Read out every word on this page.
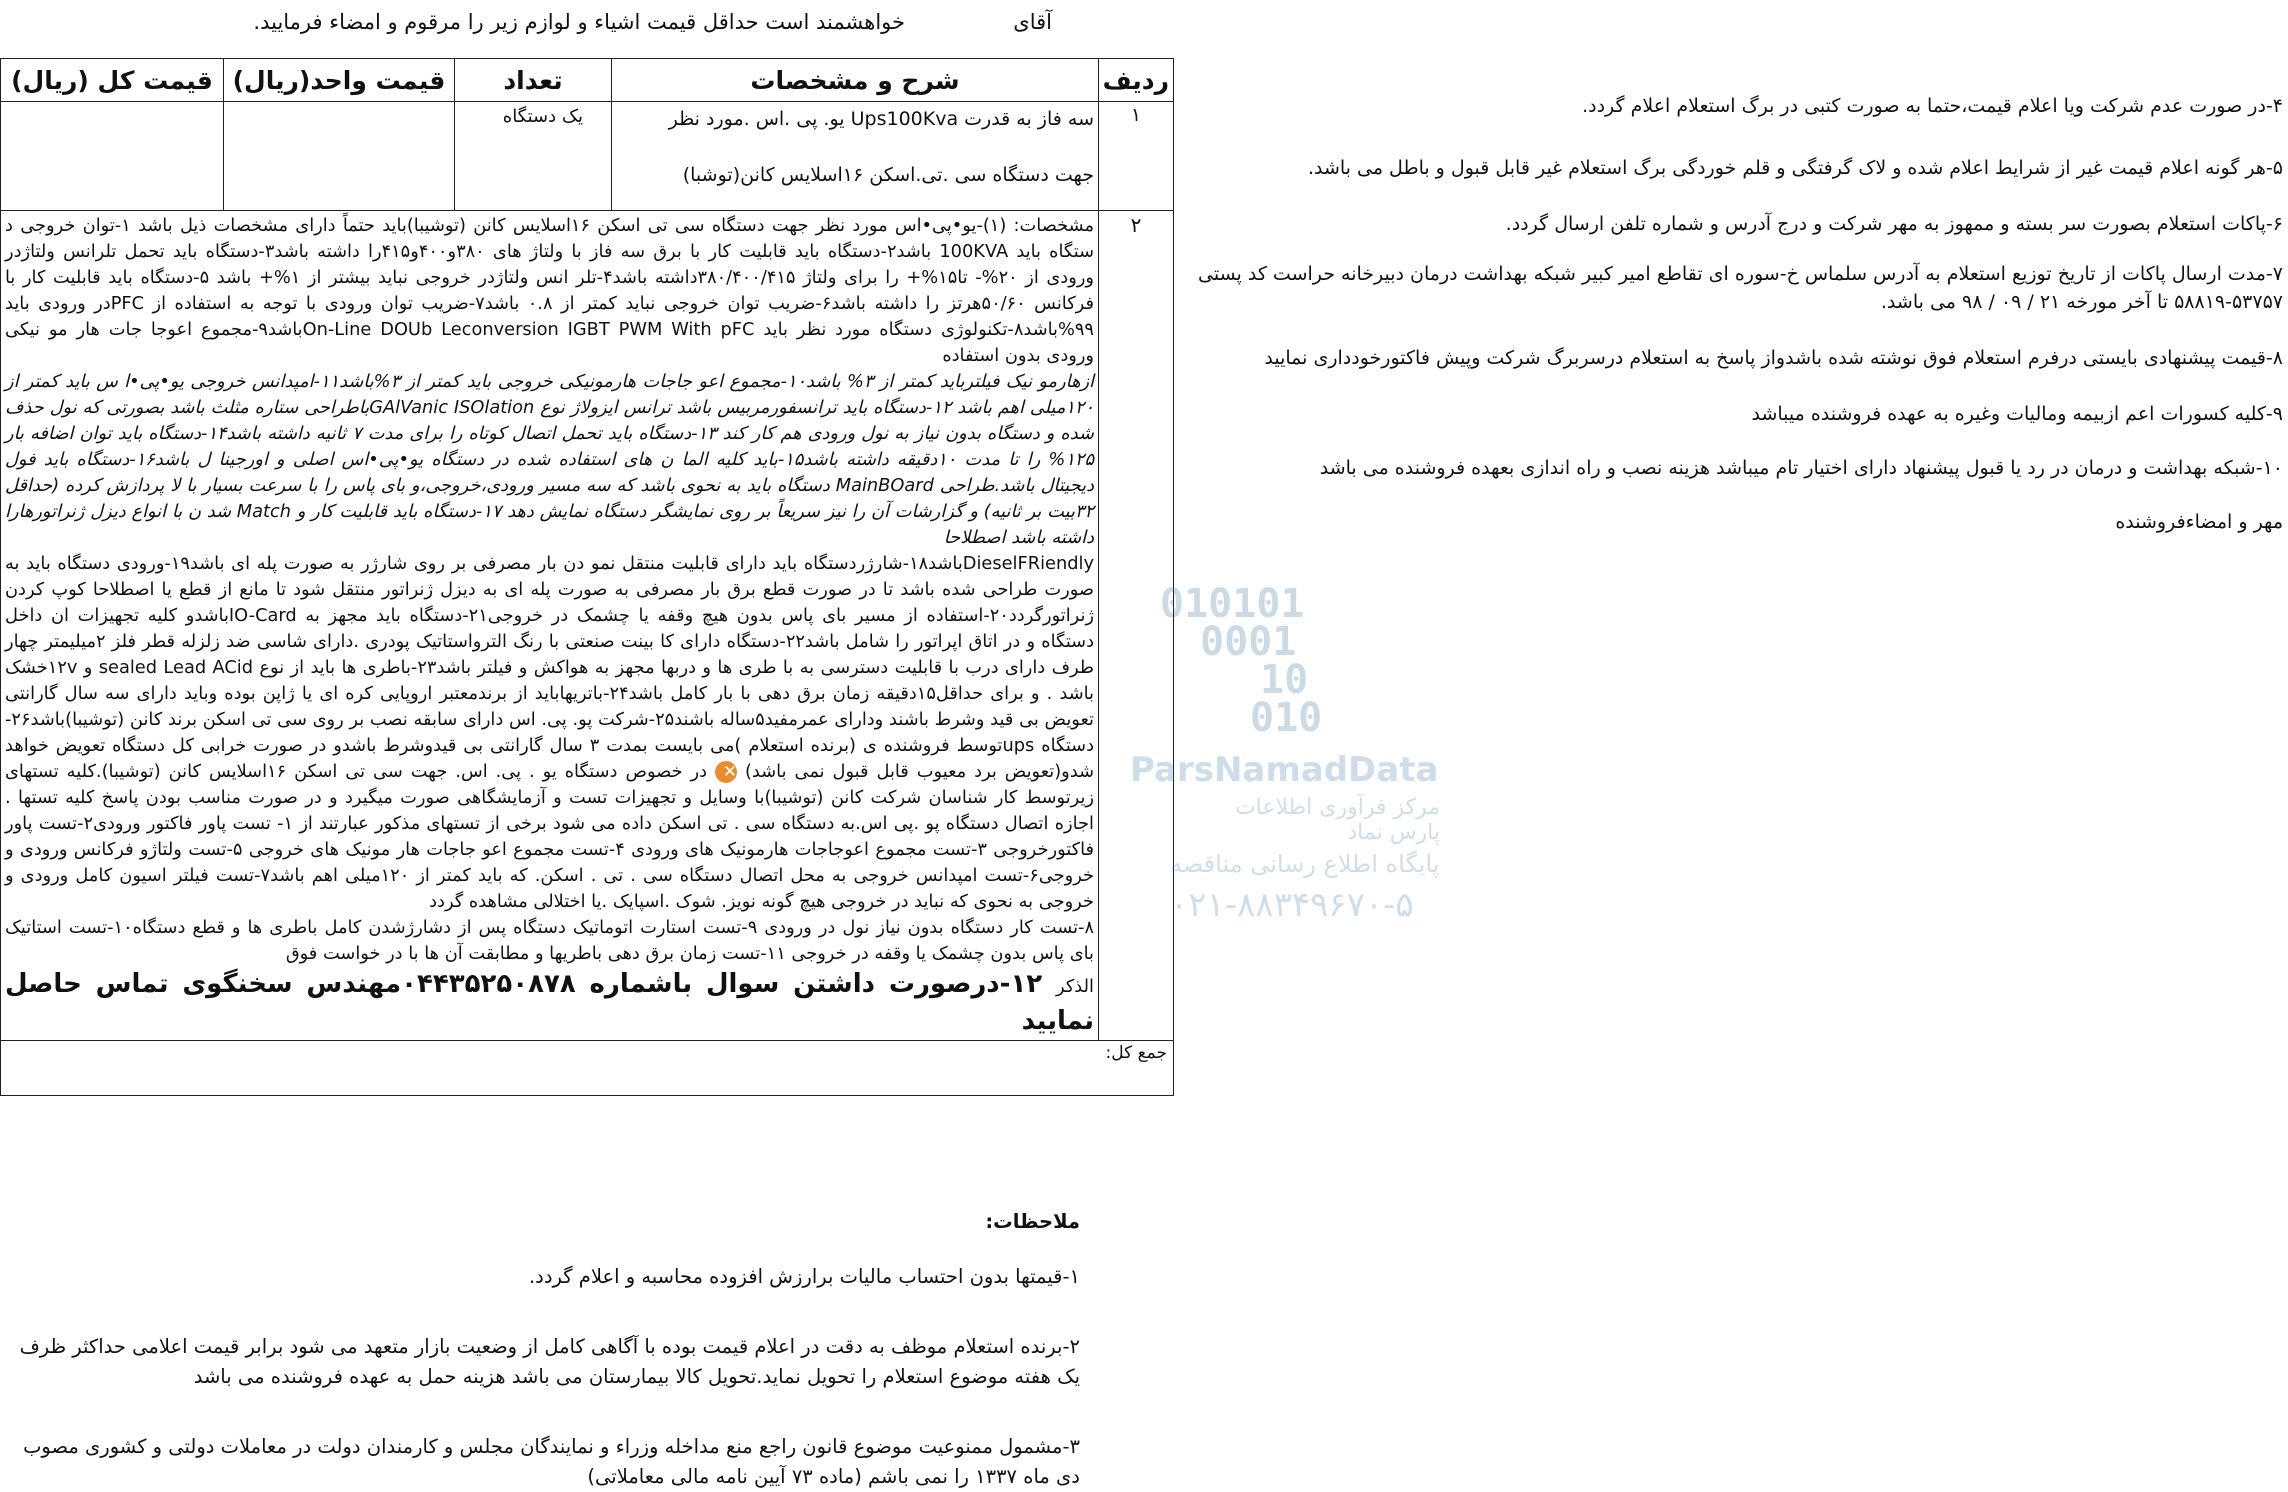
آقای
خواهشمند است حداقل قیمت اشیاء و لوازم زیر را مرقوم و امضاء فرمایید.
ردیف	شرح و مشخصات	تعداد	قیمت واحد(ریال)	قیمت کل (ریال)
۱	سه فاز به قدرت Ups100Kva یو. پی .اس .مورد نظر
جهت دستگاه سی .تی.اسکن ۱۶اسلایس کانن(توشبا)	یک دستگاه		

۲	مشخصات: (۱)-یو•پی•اس مورد نظر جهت دستگاه سی تی اسکن ۱۶اسلایس کانن (توشیبا)باید حتماً دارای مشخصات ذیل باشد ۱-توان خروجی د ستگاه باید 100KVA باشد۲-دستگاه باید قابلیت کار با برق سه فاز با ولتاژ های ۳۸۰و۴۰۰و۴۱۵را داشته باشد۳-دستگاه باید تحمل تلرانس ولتاژدر ورودی از ۲۰%- تا۱۵%+ را برای ولتاژ ۳۸۰/۴۰۰/۴۱۵داشته باشد۴-تلر انس ولتاژدر خروجی نباید بیشتر از ۱%+ باشد ۵-دستگاه باید قابلیت کار با فرکانس ۵۰/۶۰هرتز را داشته باشد۶-ضریب توان خروجی نباید کمتر از ۰.۸ باشد۷-ضریب توان ورودی با توجه به استفاده از PFCدر ورودی باید ۹۹%باشد۸-تکنولوژی دستگاه مورد نظر باید On-Line DOUb Leconversion IGBT PWM With pFCباشد۹-مجموع اعوجا جات هار مو نیکی ورودی بدون استفاده

ازهارمو نیک فیلترباید کمتر از ۳% باشد۱۰-مجموع اعو جاجات هارمونیکی خروجی باید کمتر از ۳%باشد۱۱-امپدانس خروجی یو•پی•ا س باید کمتر از ۱۲۰میلی اهم باشد ۱۲-دستگاه باید ترانسفورمربیس باشد ترانس ایزولاژ نوع GAlVanic ISOlationباطراحی ستاره مثلث باشد بصورتی که نول حذف شده و دستگاه بدون نیاز به نول ورودی هم کار کند ۱۳-دستگاه باید تحمل اتصال کوتاه را برای مدت ۷ ثانیه داشته باشد۱۴-دستگاه باید توان اضافه بار ۱۲۵% را تا مدت ۱۰دقیقه داشته باشد۱۵-باید کلیه الما ن های استفاده شده در دستگاه یو•پی•اس اصلی و اورجینا ل باشد۱۶-دستگاه باید فول دیجیتال باشد.طراحی MainBOard دستگاه باید به نحوی باشد که سه مسیر ورودی،خروجی،و بای پاس را با سرعت بسیار با لا پردازش کرده (حداقل ۳۲بیت بر ثانیه) و گزارشات آن را نیز سریعاً بر روی نمایشگر دستگاه نمایش دهد ۱۷-دستگاه باید قابلیت کار و Match شد ن با انواع دیزل ژنراتورهارا داشته باشد اصطلاحا

DieselFRiendlyباشد۱۸-شارژردستگاه باید دارای قابلیت منتقل نمو دن بار مصرفی بر روی شارژر به صورت پله ای باشد۱۹-ورودی دستگاه باید به صورت طراحی شده باشد تا در صورت قطع برق بار مصرفی به صورت پله ای به دیزل ژنراتور منتقل شود تا مانع از قطع یا اصطلاحا کوپ کردن ژنراتورگردد۲۰-استفاده از مسیر بای پاس بدون هیچ وقفه یا چشمک در خروجی۲۱-دستگاه باید مجهز به IO-Cardباشدو کلیه تجهیزات ان داخل دستگاه و در اتاق اپراتور را شامل باشد۲۲-دستگاه دارای کا بینت صنعتی با رنگ الترواستاتیک پودری .دارای شاسی ضد زلزله قطر فلز ۲میلیمتر چهار طرف دارای درب با قابلیت دسترسی به با طری ها و دربها مجهز به هواکش و فیلتر باشد۲۳-باطری ها باید از نوع sealed Lead ACid و ۱۲vخشک باشد . و برای حداقل۱۵دقیقه زمان برق دهی با بار کامل باشد۲۴-باتریهاباید از برندمعتبر اروپایی کره ای یا ژاپن بوده وباید دارای سه سال گارانتی تعویض بی قید وشرط باشند ودارای عمرمفید۵ساله باشند۲۵-شرکت پو. پی. اس دارای سابقه نصب بر روی سی تی اسکن برند کانن (توشیبا)باشد۲۶-دستگاه upsتوسط فروشنده ی (برنده استعلام )می بایست بمدت ۳ سال گارانتی بی قیدوشرط باشدو در صورت خرابی کل دستگاه تعویض خواهد شدو(تعویض برد معیوب قابل قبول نمی باشد) ✕ در خصوص دستگاه یو . پی. اس. جهت سی تی اسکن ۱۶اسلایس کانن (توشیبا).کلیه تستهای زیرتوسط کار شناسان شرکت کانن (توشیبا)با وسایل و تجهیزات تست و آزمایشگاهی صورت میگیرد و در صورت مناسب بودن پاسخ کلیه تستها . اجازه اتصال دستگاه پو .پی اس.به دستگاه سی . تی اسکن داده می شود برخی از تستهای مذکور عبارتند از ۱- تست پاور فاکتور ورودی۲-تست پاور فاکتورخروجی ۳-تست مجموع اعوجاجات هارمونیک های ورودی ۴-تست مجموع اعو جاجات هار مونیک های خروجی ۵-تست ولتاژو فرکانس ورودی و خروجی۶-تست امپدانس خروجی به محل اتصال دستگاه سی . تی . اسکن. که باید کمتر از ۱۲۰میلی اهم باشد۷-تست فیلتر اسیون کامل ورودی و خروجی به نحوی که نباید در خروجی هیچ گونه نویز. شوک .اسپایک .یا اختلالی مشاهده گردد

۸-تست کار دستگاه بدون نیاز نول در ورودی ۹-تست استارت اتوماتیک دستگاه پس از دشارژشدن کامل باطری ها و قطع دستگاه۱۰-تست استاتیک بای پاس بدون چشمک یا وقفه در خروجی ۱۱-تست زمان برق دهی باطریها و مطابقت آن ها با در خواست فوق

الذکر ۱۲-درصورت داشتن سوال باشماره ۰۴۴۳۵۲۵۰۸۷۸مهندس سخنگوی تماس حاصل نمایید			

جمع کل:				

۴-در صورت عدم شرکت ویا اعلام قیمت،حتما به صورت کتبی در برگ استعلام اعلام گردد.

۵-هر گونه اعلام قیمت غیر از شرایط اعلام شده و لاک گرفتگی و قلم خوردگی برگ استعلام غیر قابل قبول و باطل می باشد.

۶-پاکات استعلام بصورت سر بسته و ممهوز به مهر شرکت و درج آدرس و شماره تلفن ارسال گردد.

۷-مدت ارسال پاکات از تاریخ توزیع استعلام به آدرس سلماس خ-سوره ای تقاطع امیر کبیر شبکه بهداشت درمان دبیرخانه حراست کد پستی ۵۳۷۵۷-۵۸۸۱۹ تا آخر مورخه ۲۱ / ۰۹ / ۹۸ می باشد.

۸-قیمت پیشنهادی بایستی درفرم استعلام فوق نوشته شده باشدواز پاسخ به استعلام درسربرگ شرکت وپیش فاکتورخودداری نمایید

۹-کلیه کسورات اعم ازبیمه ومالیات وغیره به عهده فروشنده میباشد

۱۰-شبکه بهداشت و درمان در رد یا قبول پیشنهاد دارای اختیار تام میباشد هزینه نصب و راه اندازی بعهده فروشنده می باشد

مهر و امضاءفروشنده

010101
0001
10
010
ParsNamadData
مرکز فرآوری اطلاعات پارس نماد
پایگاه اطلاع رسانی مناقصه
۰۲۱-۸۸۳۴۹۶۷۰-۵
ملاحظات:

۱-قیمتها بدون احتساب مالیات برارزش افزوده محاسبه و اعلام گردد.

۲-برنده استعلام موظف به دقت در اعلام قیمت بوده با آگاهی کامل از وضعیت بازار متعهد می شود برابر قیمت اعلامی حداکثر ظرف یک هفته موضوع استعلام را تحویل نماید.تحویل کالا بیمارستان می باشد هزینه حمل به عهده فروشنده می باشد

۳-مشمول ممنوعیت موضوع قانون راجع منع مداخله وزراء و نمایندگان مجلس و کارمندان دولت در معاملات دولتی و کشوری مصوب دی ماه ۱۳۳۷ را نمی باشم (ماده ۷۳ آیین نامه مالی معاملاتی)
